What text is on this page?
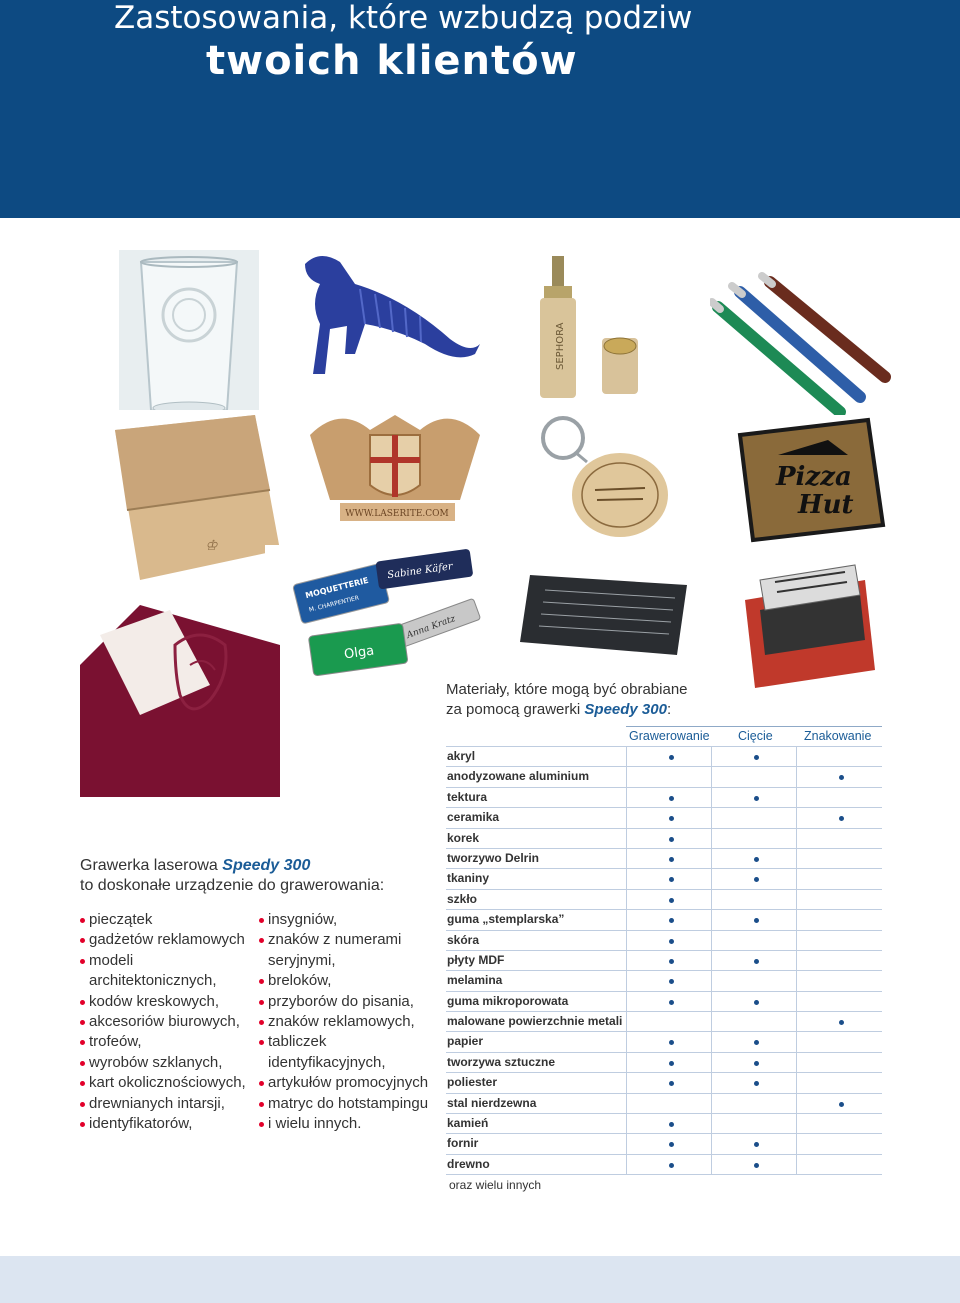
Zastosowania, które wzbudzą podziw
twoich klientów
SEPHORA
♔
WWW.LASERITE.COM
Pizza
Hut
MOQUETTERIE
M. CHARPENTIER
Sabine Käfer
Anna Kratz
Olga
Grawerka laserowa Speedy 300
to doskonałe urządzenie do grawerowania:
pieczątek
gadżetów reklamowych
modeli architektonicznych,
kodów kreskowych,
akcesoriów biurowych,
trofeów,
wyrobów szklanych,
kart okolicznościowych,
drewnianych intarsji,
identyfikatorów,
insygniów,
znaków z numerami seryjnymi,
breloków,
przyborów do pisania,
znaków reklamowych,
tabliczek identyfikacyjnych,
artykułów promocyjnych
matryc do hotstampingu
i wielu innych.
Materiały, które mogą być obrabiane
za pomocą grawerki Speedy 300:
Grawerowanie Cięcie	Znakowanie
akryl
anodyzowane aluminium
tektura
ceramika
korek
tworzywo Delrin
tkaniny
szkło
guma „stemplarska”
skóra
płyty MDF
melamina
guma mikroporowata
malowane powierzchnie metali
papier
tworzywa sztuczne
poliester
stal nierdzewna
kamień
fornir
drewno
oraz wielu innych
